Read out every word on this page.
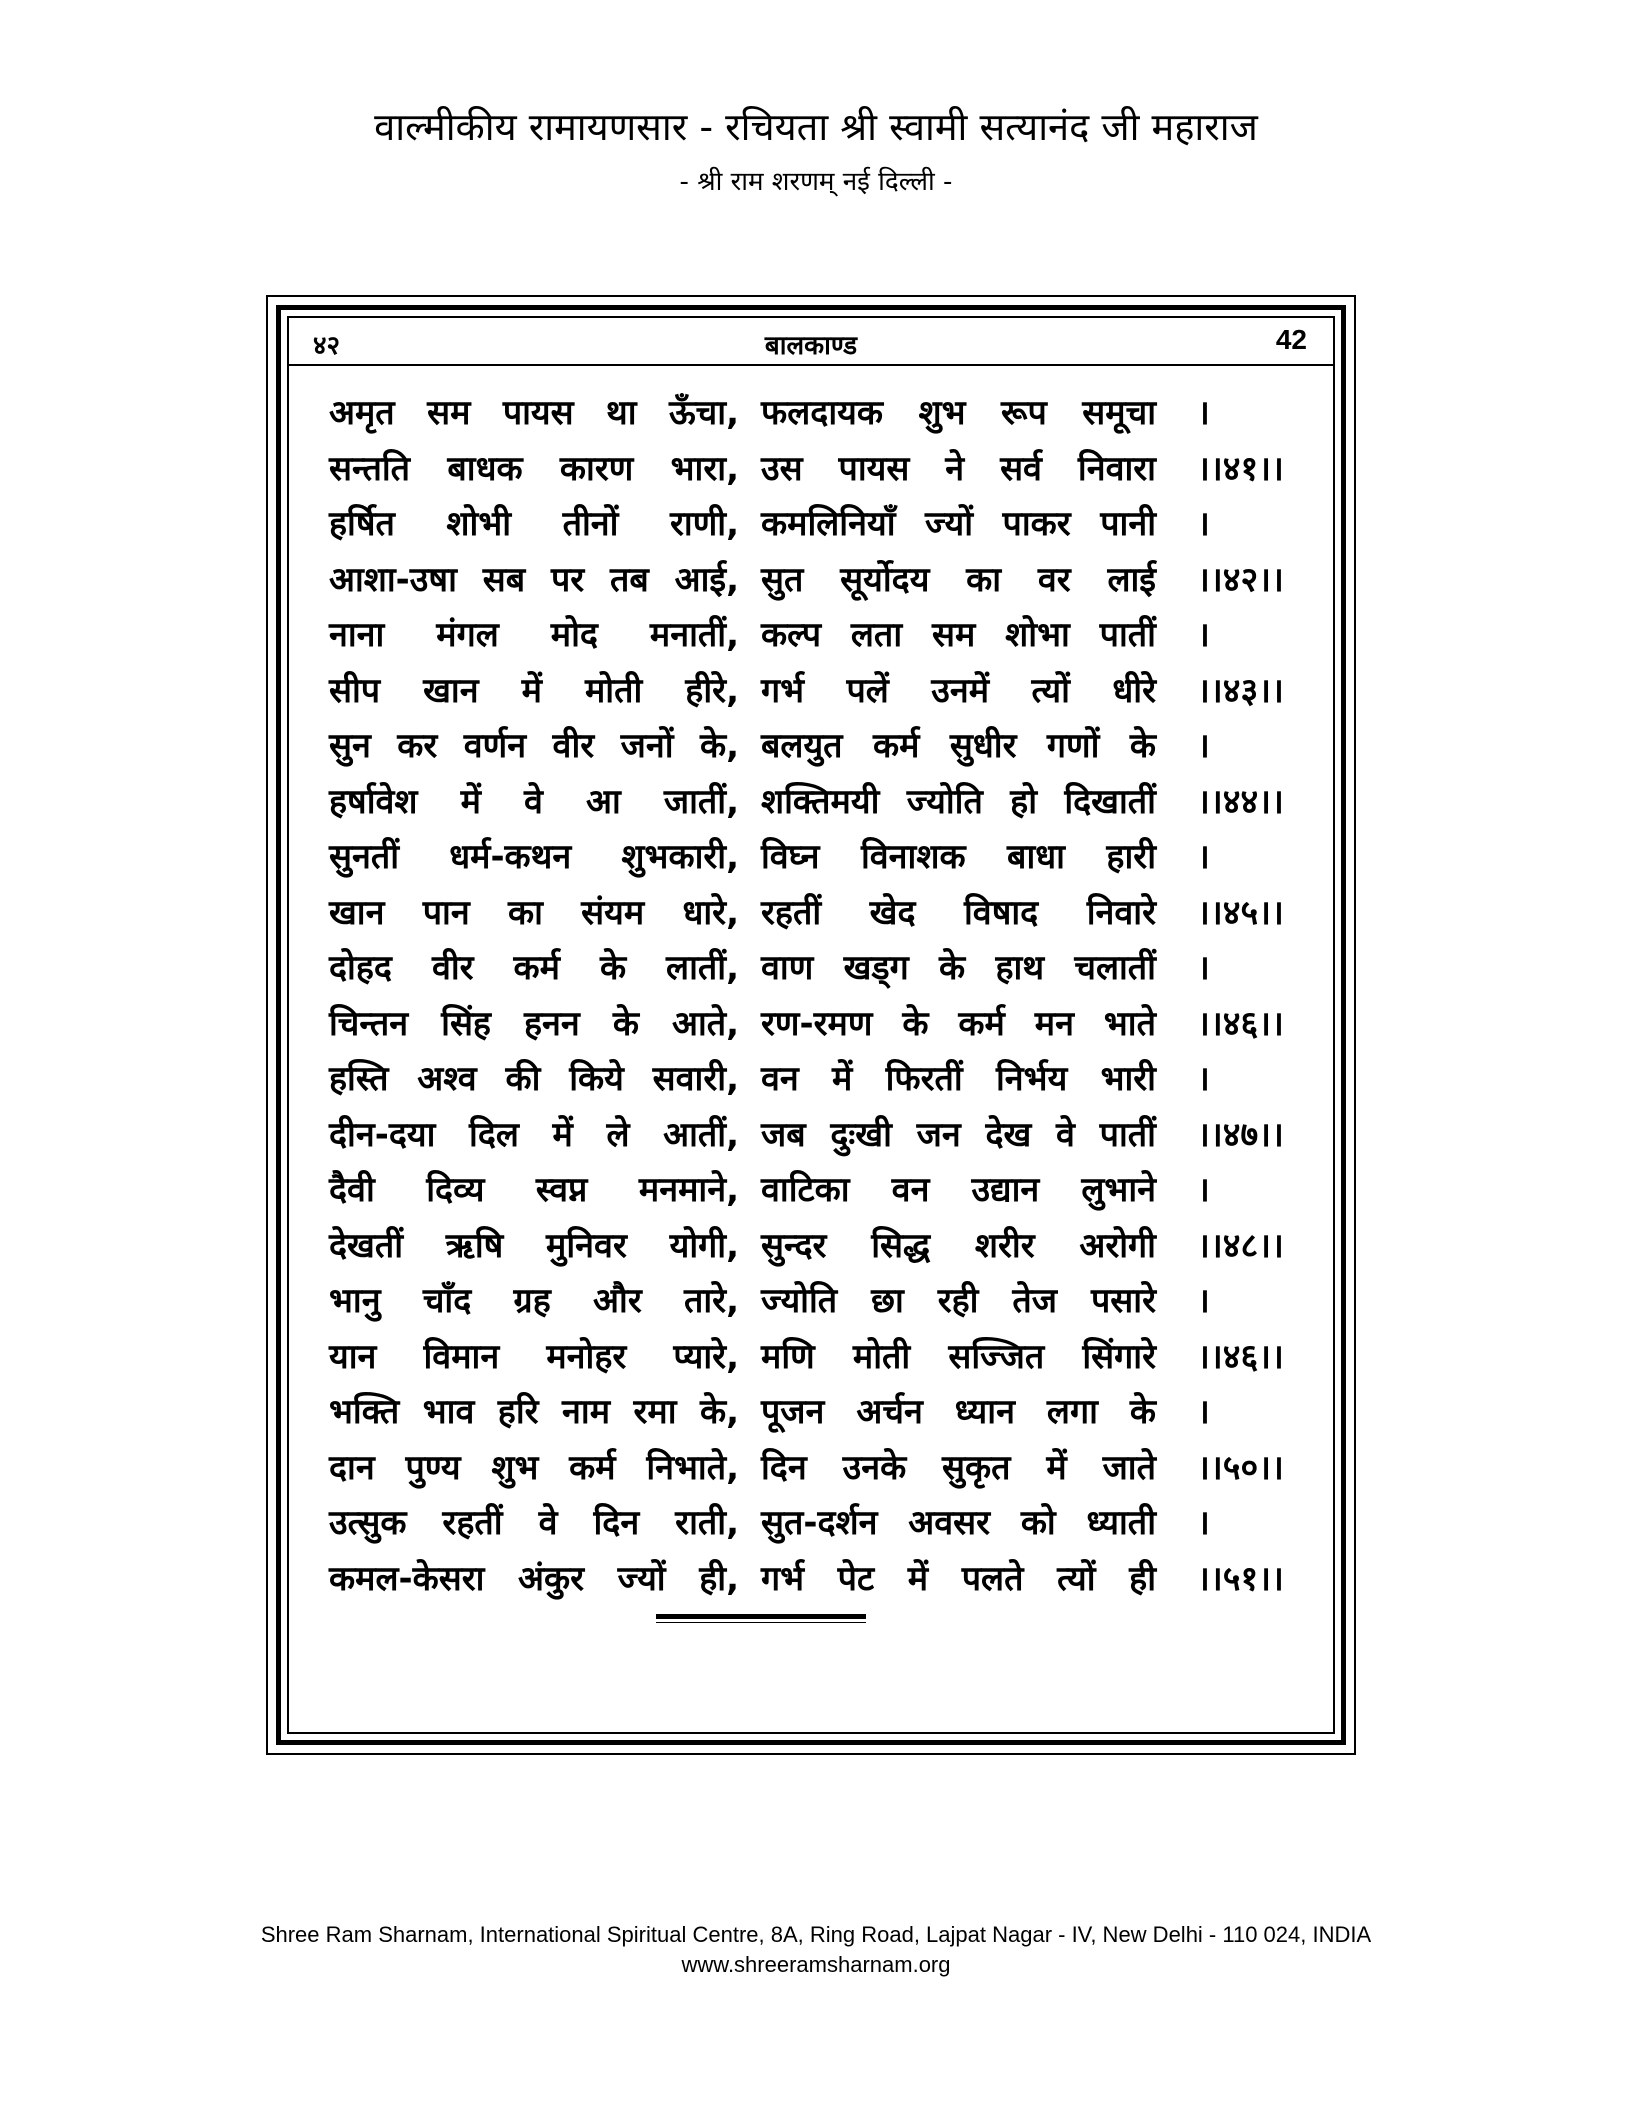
वाल्मीकीय रामायणसार - रचियता श्री स्वामी सत्यानंद जी महाराज
- श्री राम शरणम् नई दिल्ली -
४२	बालकाण्ड	42
अमृत सम पायस था ऊँचा, फलदायक शुभ रूप समूचा ।
सन्तति बाधक कारण भारा, उस पायस ने सर्व निवारा ।।४१।।
हर्षित शोभी तीनों राणी, कमलिनियाँ ज्यों पाकर पानी ।
आशा-उषा सब पर तब आई, सुत सूर्योदय का वर लाई ।।४२।।
नाना मंगल मोद मनातीं, कल्प लता सम शोभा पातीं ।
सीप खान में मोती हीरे, गर्भ पलें उनमें त्यों धीरे ।।४३।।
सुन कर वर्णन वीर जनों के, बलयुत कर्म सुधीर गणों के ।
हर्षावेश में वे आ जातीं, शक्तिमयी ज्योति हो दिखातीं ।।४४।।
सुनतीं धर्म-कथन शुभकारी, विघ्न विनाशक बाधा हारी ।
खान पान का संयम धारे, रहतीं खेद विषाद निवारे ।।४५।।
दोहद वीर कर्म के लातीं, वाण खड्ग के हाथ चलातीं ।
चिन्तन सिंह हनन के आते, रण-रमण के कर्म मन भाते ।।४६।।
हस्ति अश्व की किये सवारी, वन में फिरतीं निर्भय भारी ।
दीन-दया दिल में ले आतीं, जब दुःखी जन देख वे पातीं ।।४७।।
दैवी दिव्य स्वप्न मनमाने, वाटिका वन उद्यान लुभाने ।
देखतीं ऋषि मुनिवर योगी, सुन्दर सिद्ध शरीर अरोगी ।।४८।।
भानु चाँद ग्रह और तारे, ज्योति छा रही तेज पसारे ।
यान विमान मनोहर प्यारे, मणि मोती सज्जित सिंगारे ।।४६।।
भक्ति भाव हरि नाम रमा के, पूजन अर्चन ध्यान लगा के ।
दान पुण्य शुभ कर्म निभाते, दिन उनके सुकृत में जाते ।।५०।।
उत्सुक रहतीं वे दिन राती, सुत-दर्शन अवसर को ध्याती ।
कमल-केसरा अंकुर ज्यों ही, गर्भ पेट में पलते त्यों ही ।।५१।।
Shree Ram Sharnam, International Spiritual Centre, 8A, Ring Road, Lajpat Nagar - IV, New Delhi - 110 024, INDIA
www.shreeramsharnam.org
